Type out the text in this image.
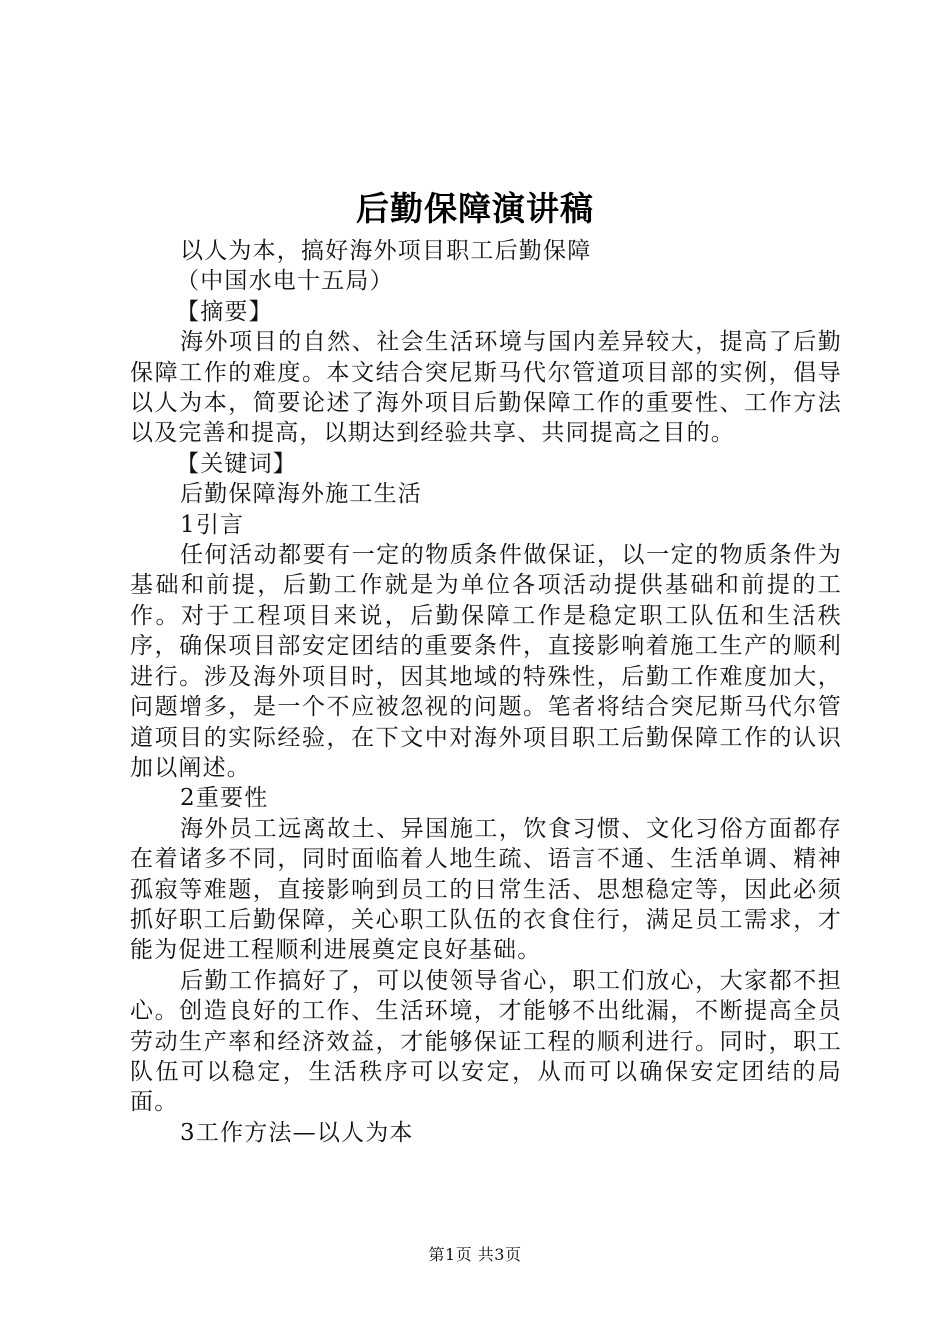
后勤保障演讲稿

以人为本，搞好海外项目职工后勤保障

（中国水电十五局）

【摘要】

海外项目的自然、社会生活环境与国内差异较大，提高了后勤保障工作的难度。本文结合突尼斯马代尔管道项目部的实例，倡导以人为本，简要论述了海外项目后勤保障工作的重要性、工作方法以及完善和提高，以期达到经验共享、共同提高之目的。

【关键词】

后勤保障海外施工生活

1引言

任何活动都要有一定的物质条件做保证，以一定的物质条件为基础和前提，后勤工作就是为单位各项活动提供基础和前提的工作。对于工程项目来说，后勤保障工作是稳定职工队伍和生活秩序，确保项目部安定团结的重要条件，直接影响着施工生产的顺利进行。涉及海外项目时，因其地域的特殊性，后勤工作难度加大，问题增多，是一个不应被忽视的问题。笔者将结合突尼斯马代尔管道项目的实际经验，在下文中对海外项目职工后勤保障工作的认识加以阐述。

2重要性

海外员工远离故土、异国施工，饮食习惯、文化习俗方面都存在着诸多不同，同时面临着人地生疏、语言不通、生活单调、精神孤寂等难题，直接影响到员工的日常生活、思想稳定等，因此必须抓好职工后勤保障，关心职工队伍的衣食住行，满足员工需求，才能为促进工程顺利进展奠定良好基础。

后勤工作搞好了，可以使领导省心，职工们放心，大家都不担心。创造良好的工作、生活环境，才能够不出纰漏，不断提高全员劳动生产率和经济效益，才能够保证工程的顺利进行。同时，职工队伍可以稳定，生活秩序可以安定，从而可以确保安定团结的局面。

3工作方法—以人为本

第1页 共3页
